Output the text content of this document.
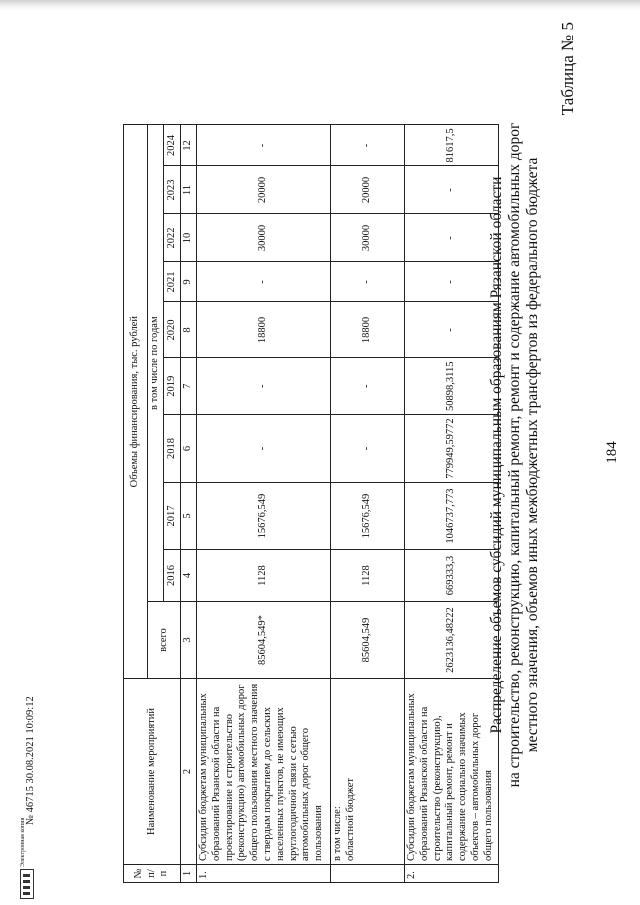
184
Таблица № 5
Распределение объемов субсидий муниципальным образованиям Рязанской области на строительство, реконструкцию, капитальный ремонт, ремонт и содержание автомобильных дорог местного значения, объемов иных межбюджетных трансфертов из федерального бюджета
№ п/п	Наименование мероприятий	Объемы финансирования, тыс. рублей									
		всего	в том числе по годам								
			2016	2017	2018	2019	2020	2021	2022	2023	2024
1	2	3	4	5	6	7	8	9	10	11	12
1.	Субсидии бюджетам муниципальных образований Рязанской области на проектирование и строительство (реконструкцию) автомобильных дорог общего пользования местного значения с твердым покрытием до сельских населенных пунктов, не имеющих круглогодичной связи с сетью автомобильных дорог общего пользования	85604,549*	1128	15676,549	-	-	18800	-	30000	20000	-

	в том числе: областной бюджет	85604,549	1128	15676,549	-	-	18800	-	30000	20000	-
2.	Субсидии бюджетам муниципальных образований Рязанской области на строительство (реконструкцию), капитальный ремонт, ремонт и содержание социально значимых объектов – автомобильных дорог общего пользования	2623136,48222	669333,3	1046737,773	779949,59772	50898,3115	-	-	-	-	81617,5
Электронная копия
№ 46715 30.08.2021 10:09:12
